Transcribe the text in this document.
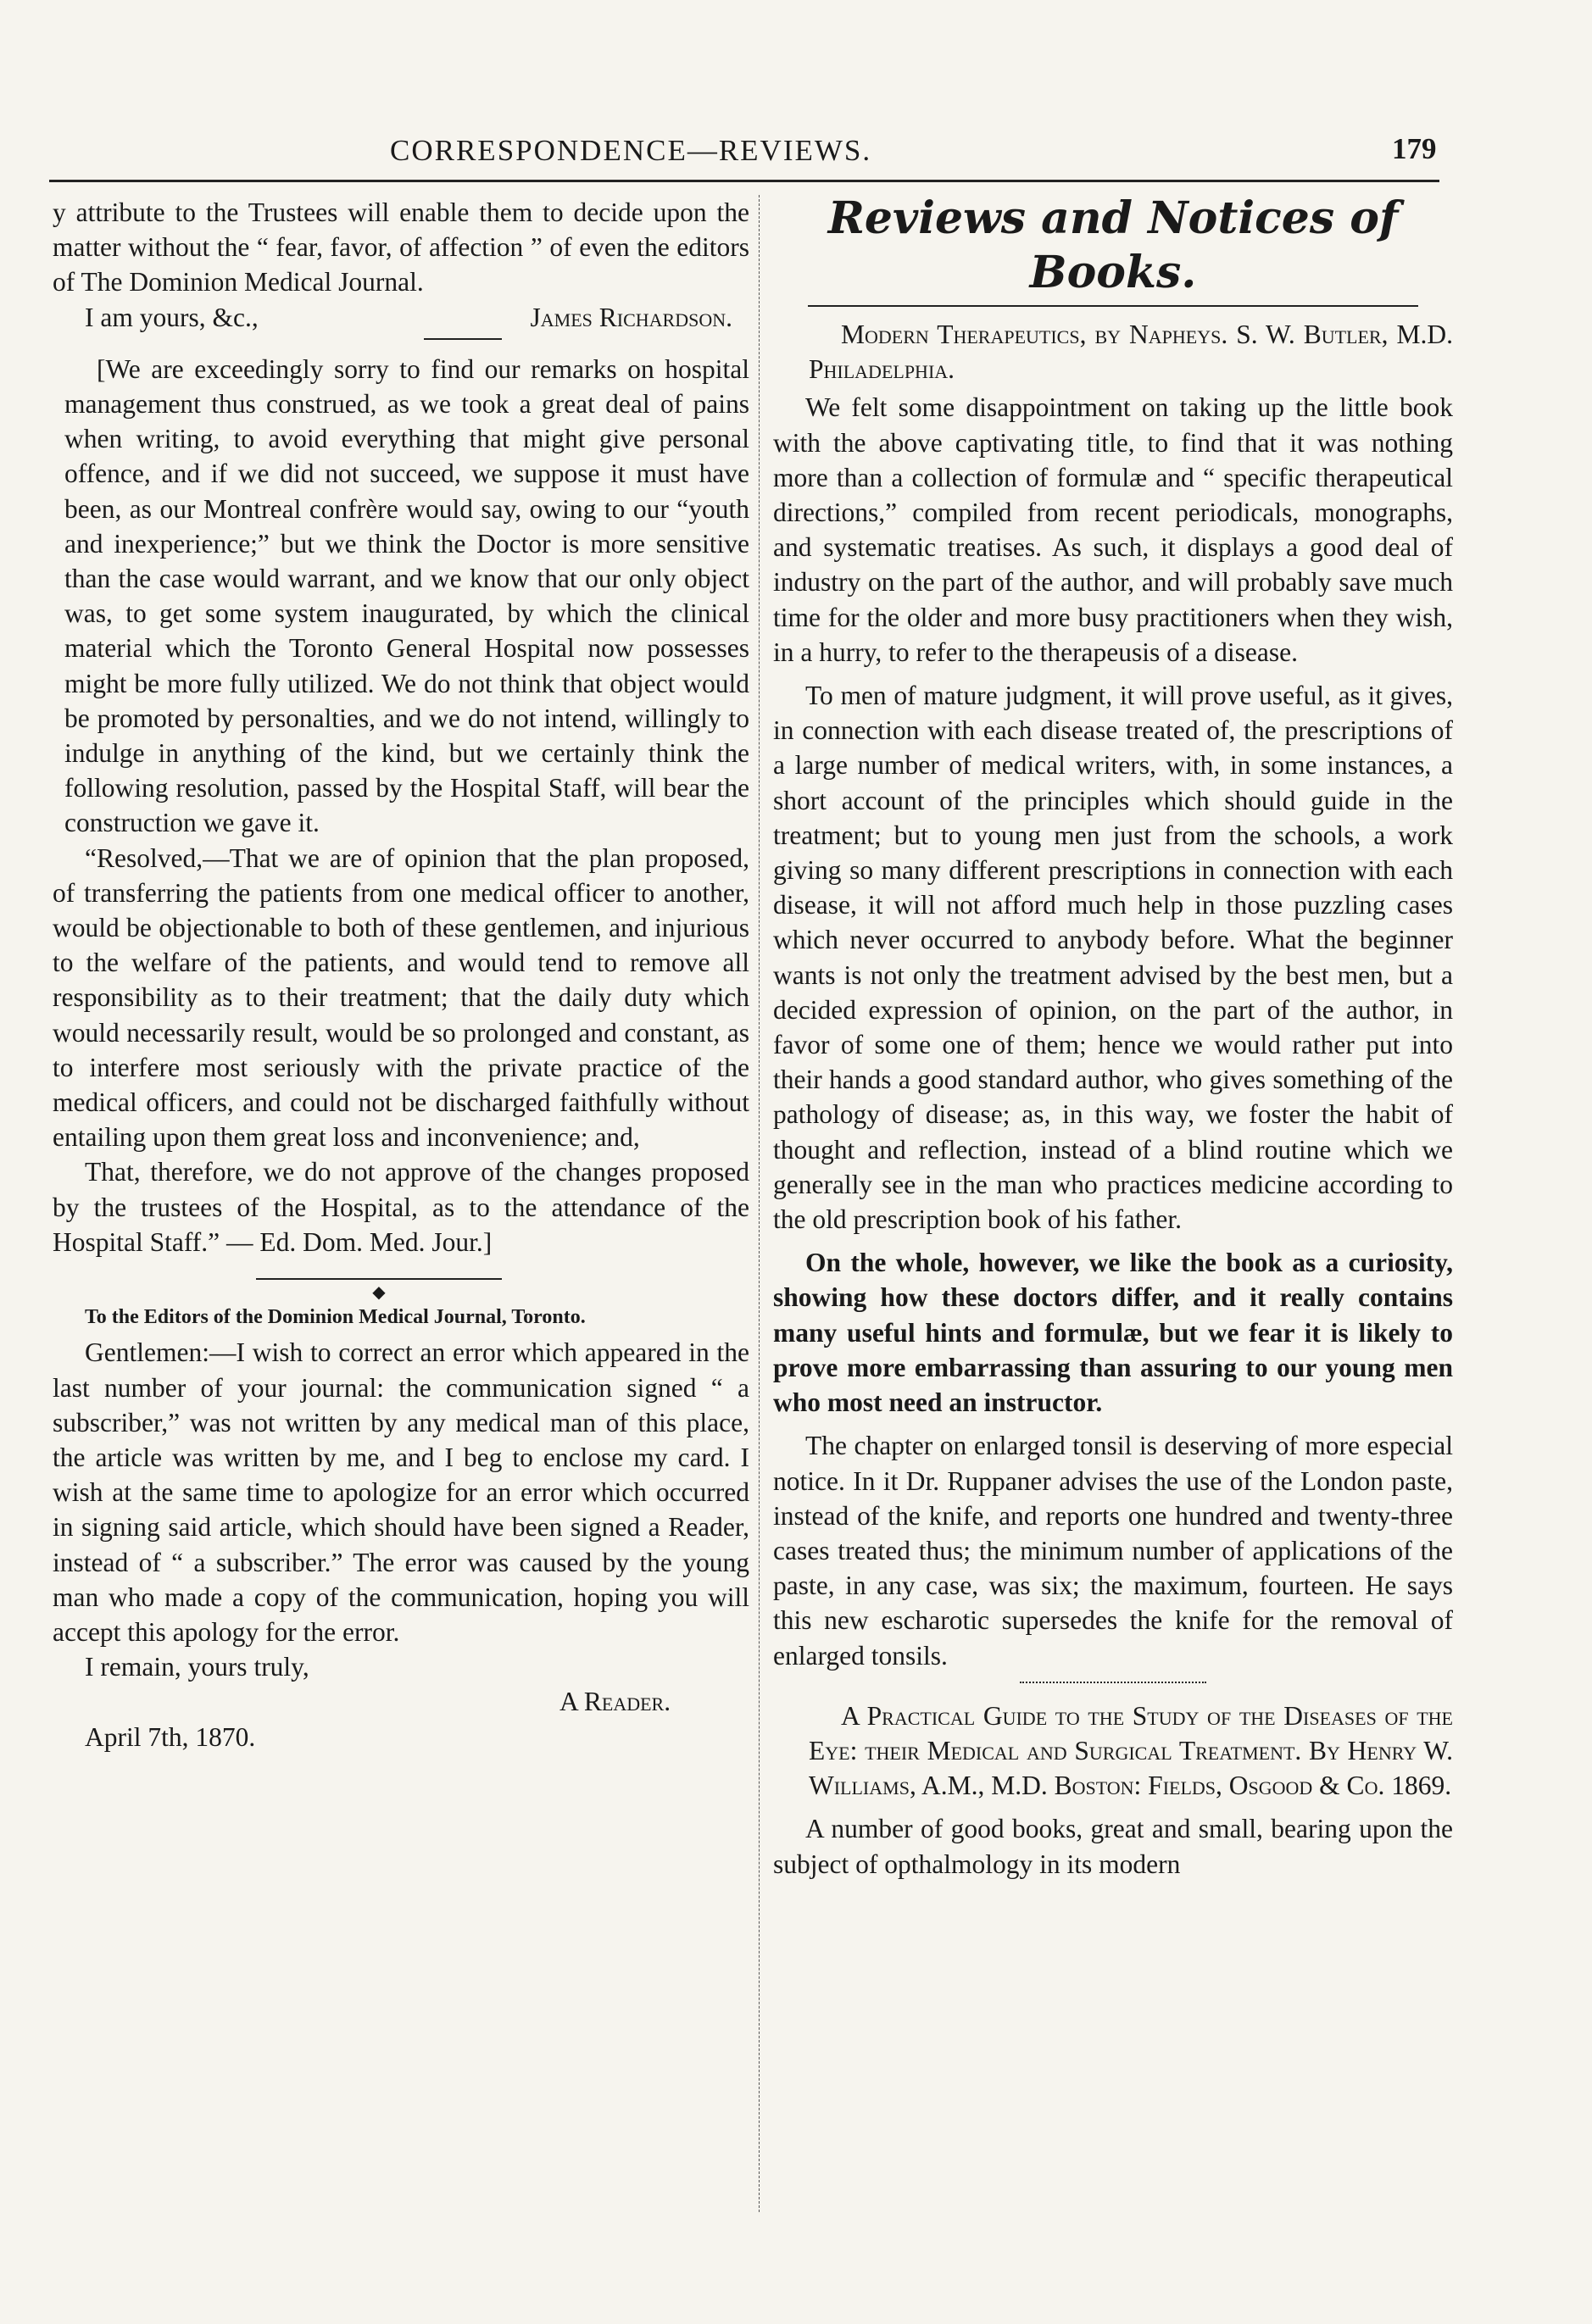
CORRESPONDENCE—REVIEWS.	179

y attribute to the Trustees will enable them to decide upon the matter without the “ fear, favor, of affection ” of even the editors of The Dominion Medical Journal.

I am yours, &c.,	James Richardson.

[We are exceedingly sorry to find our remarks on hospital management thus construed, as we took a great deal of pains when writing, to avoid everything that might give personal offence, and if we did not succeed, we suppose it must have been, as our Montreal confrère would say, owing to our “youth and inexperience;” but we think the Doctor is more sensitive than the case would warrant, and we know that our only object was, to get some system inaugurated, by which the clinical material which the Toronto General Hospital now possesses might be more fully utilized. We do not think that object would be promoted by personalties, and we do not intend, willingly to indulge in anything of the kind, but we certainly think the following resolution, passed by the Hospital Staff, will bear the construction we gave it.

“Resolved,—That we are of opinion that the plan proposed, of transferring the patients from one medical officer to another, would be objectionable to both of these gentlemen, and injurious to the welfare of the patients, and would tend to remove all responsibility as to their treatment; that the daily duty which would necessarily result, would be so prolonged and constant, as to interfere most seriously with the private practice of the medical officers, and could not be discharged faithfully without entailing upon them great loss and inconvenience; and,

That, therefore, we do not approve of the changes proposed by the trustees of the Hospital, as to the attendance of the Hospital Staff.” — Ed. Dom. Med. Jour.]

◆

To the Editors of the Dominion Medical Journal, Toronto.

Gentlemen:—I wish to correct an error which appeared in the last number of your journal: the communication signed “ a subscriber,” was not written by any medical man of this place, the article was written by me, and I beg to enclose my card. I wish at the same time to apologize for an error which occurred in signing said article, which should have been signed a Reader, instead of “ a subscriber.” The error was caused by the young man who made a copy of the communication, hoping you will accept this apology for the error.

I remain, yours truly,

A Reader.

April 7th, 1870.

Reviews and Notices of Books.

Modern Therapeutics, by Napheys. S. W. Butler, M.D. Philadelphia.

We felt some disappointment on taking up the little book with the above captivating title, to find that it was nothing more than a collection of formulæ and “ specific therapeutical directions,” compiled from recent periodicals, monographs, and systematic treatises. As such, it displays a good deal of industry on the part of the author, and will probably save much time for the older and more busy practitioners when they wish, in a hurry, to refer to the therapeusis of a disease.

To men of mature judgment, it will prove useful, as it gives, in connection with each disease treated of, the prescriptions of a large number of medical writers, with, in some instances, a short account of the principles which should guide in the treatment; but to young men just from the schools, a work giving so many different prescriptions in connection with each disease, it will not afford much help in those puzzling cases which never occurred to anybody before. What the beginner wants is not only the treatment advised by the best men, but a decided expression of opinion, on the part of the author, in favor of some one of them; hence we would rather put into their hands a good standard author, who gives something of the pathology of disease; as, in this way, we foster the habit of thought and reflection, instead of a blind routine which we generally see in the man who practices medicine according to the old prescription book of his father.

On the whole, however, we like the book as a curiosity, showing how these doctors differ, and it really contains many useful hints and formulæ, but we fear it is likely to prove more embarrassing than assuring to our young men who most need an instructor.

The chapter on enlarged tonsil is deserving of more especial notice. In it Dr. Ruppaner advises the use of the London paste, instead of the knife, and reports one hundred and twenty-three cases treated thus; the minimum number of applications of the paste, in any case, was six; the maximum, fourteen. He says this new escharotic supersedes the knife for the removal of enlarged tonsils.

A Practical Guide to the Study of the Diseases of the Eye: their Medical and Surgical Treatment. By Henry W. Williams, A.M., M.D. Boston: Fields, Osgood & Co. 1869.

A number of good books, great and small, bearing upon the subject of opthalmology in its modern
